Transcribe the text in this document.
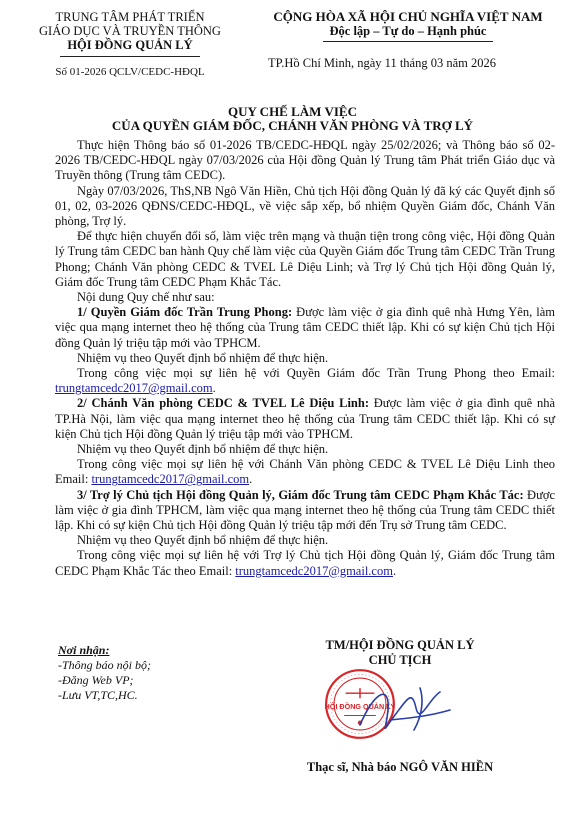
TRUNG TÂM PHÁT TRIỂN
GIÁO DỤC VÀ TRUYỀN THÔNG
HỘI ĐỒNG QUẢN LÝ
Số 01-2026 QCLV/CEDC-HĐQL
CỘNG HÒA XÃ HỘI CHỦ NGHĨA VIỆT NAM
Độc lập – Tự do – Hạnh phúc
TP.Hồ Chí Minh, ngày 11 tháng 03 năm 2026
QUY CHẾ LÀM VIỆC
CỦA QUYỀN GIÁM ĐỐC, CHÁNH VĂN PHÒNG VÀ TRỢ LÝ

Thực hiện Thông báo số 01-2026 TB/CEDC-HĐQL ngày 25/02/2026; và Thông báo số 02-2026 TB/CEDC-HĐQL ngày 07/03/2026 của Hội đồng Quản lý Trung tâm Phát triển Giáo dục và Truyền thông (Trung tâm CEDC).

Ngày 07/03/2026, ThS,NB Ngô Văn Hiền, Chủ tịch Hội đồng Quản lý đã ký các Quyết định số 01, 02, 03-2026 QĐNS/CEDC-HĐQL, về việc sắp xếp, bổ nhiệm Quyền Giám đốc, Chánh Văn phòng, Trợ lý.

Để thực hiện chuyển đổi số, làm việc trên mạng và thuận tiện trong công việc, Hội đồng Quản lý Trung tâm CEDC ban hành Quy chế làm việc của Quyền Giám đốc Trung tâm CEDC Trần Trung Phong; Chánh Văn phòng CEDC & TVEL Lê Diệu Linh; và Trợ lý Chủ tịch Hội đồng Quản lý, Giám đốc Trung tâm CEDC Phạm Khắc Tác.

Nội dung Quy chế như sau:

1/ Quyền Giám đốc Trần Trung Phong: Được làm việc ở gia đình quê nhà Hưng Yên, làm việc qua mạng internet theo hệ thống của Trung tâm CEDC thiết lập. Khi có sự kiện Chủ tịch Hội đồng Quản lý triệu tập mới vào TPHCM.

Nhiệm vụ theo Quyết định bổ nhiệm để thực hiện.

Trong công việc mọi sự liên hệ với Quyền Giám đốc Trần Trung Phong theo Email: trungtamcedc2017@gmail.com.

2/ Chánh Văn phòng CEDC & TVEL Lê Diệu Linh: Được làm việc ở gia đình quê nhà TP.Hà Nội, làm việc qua mạng internet theo hệ thống của Trung tâm CEDC thiết lập. Khi có sự kiện Chủ tịch Hội đồng Quản lý triệu tập mới vào TPHCM.

Nhiệm vụ theo Quyết định bổ nhiệm để thực hiện.

Trong công việc mọi sự liên hệ với Chánh Văn phòng CEDC & TVEL Lê Diệu Linh theo Email: trungtamcedc2017@gmail.com.

3/ Trợ lý Chủ tịch Hội đồng Quản lý, Giám đốc Trung tâm CEDC Phạm Khắc Tác: Được làm việc ở gia đình TPHCM, làm việc qua mạng internet theo hệ thống của Trung tâm CEDC thiết lập. Khi có sự kiện Chủ tịch Hội đồng Quản lý triệu tập mới đến Trụ sở Trung tâm CEDC.

Nhiệm vụ theo Quyết định bổ nhiệm để thực hiện.

Trong công việc mọi sự liên hệ với Trợ lý Chủ tịch Hội đồng Quản lý, Giám đốc Trung tâm CEDC Phạm Khắc Tác theo Email: trungtamcedc2017@gmail.com.

Nơi nhận:
-Thông báo nội bộ;
-Đăng Web VP;
-Lưu VT,TC,HC.
TM/HỘI ĐỒNG QUẢN LÝ
CHỦ TỊCH
HỘI ĐỒNG QUẢN LÝ
Thạc sĩ, Nhà báo NGÔ VĂN HIỀN
